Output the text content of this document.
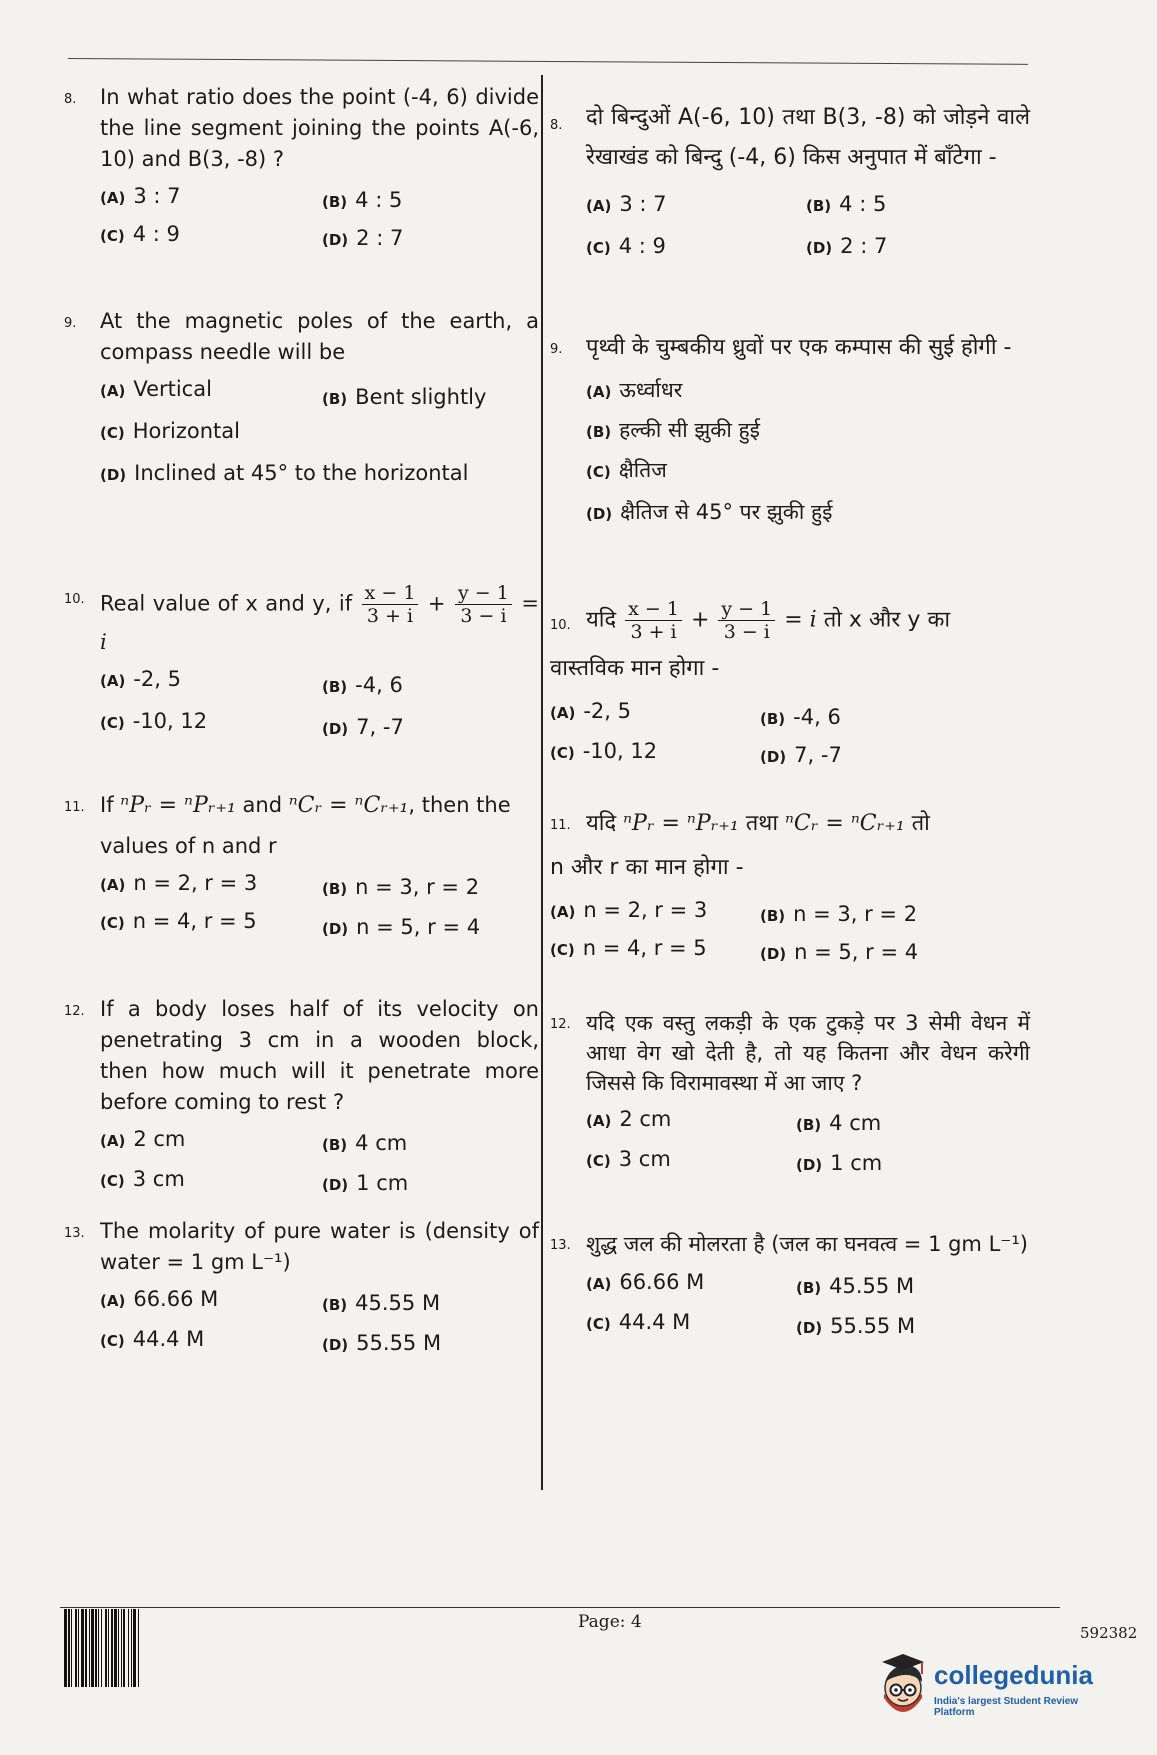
8. In what ratio does the point (-4, 6) divide the line segment joining the points A(-6, 10) and B(3, -8) ?
(A) 3 : 7	(B) 4 : 5
(C) 4 : 9	(D) 2 : 7
9. At the magnetic poles of the earth, a compass needle will be
(A) Vertical	(B) Bent slightly
(C) Horizontal
(D) Inclined at 45° to the horizontal
10. Real value of x and y, if $\frac{x - 1}{3 + i} + \frac{y - 1}{3 - i} = i$
(A) -2, 5	(B) -4, 6
(C) -10, 12	(D) 7, -7
11. If ⁿPᵣ = ⁿPᵣ₊₁ and ⁿCᵣ = ⁿCᵣ₊₁, then the
values of n and r
(A) n = 2, r = 3	(B) n = 3, r = 2
(C) n = 4, r = 5	(D) n = 5, r = 4
12. If a body loses half of its velocity on penetrating 3 cm in a wooden block, then how much will it penetrate more before coming to rest ?
(A) 2 cm	(B) 4 cm
(C) 3 cm	(D) 1 cm
13. The molarity of pure water is (density of water = 1 gm L⁻¹)
(A) 66.66 M	(B) 45.55 M
(C) 44.4 M	(D) 55.55 M
8. दो बिन्दुओं A(-6, 10) तथा B(3, -8) को जोड़ने वाले रेखाखंड को बिन्दु (-4, 6) किस अनुपात में बाँटेगा -
(A) 3 : 7	(B) 4 : 5
(C) 4 : 9	(D) 2 : 7
9. पृथ्वी के चुम्बकीय ध्रुवों पर एक कम्पास की सुई होगी -
(A) ऊर्ध्वाधर
(B) हल्की सी झुकी हुई
(C) क्षैतिज
(D) क्षैतिज से 45° पर झुकी हुई
10. यदि $\frac{x - 1}{3 + i} + \frac{y - 1}{3 - i} = i$ तो x और y का
वास्तविक मान होगा -
(A) -2, 5	(B) -4, 6
(C) -10, 12	(D) 7, -7
11. यदि ⁿPᵣ = ⁿPᵣ₊₁ तथा ⁿCᵣ = ⁿCᵣ₊₁ तो
n और r का मान होगा -
(A) n = 2, r = 3	(B) n = 3, r = 2
(C) n = 4, r = 5	(D) n = 5, r = 4
12. यदि एक वस्तु लकड़ी के एक टुकड़े पर 3 सेमी वेधन में आधा वेग खो देती है, तो यह कितना और वेधन करेगी जिससे कि विरामावस्था में आ जाए ?
(A) 2 cm	(B) 4 cm
(C) 3 cm	(D) 1 cm
13. शुद्ध जल की मोलरता है (जल का घनवत्व = 1 gm L⁻¹)
(A) 66.66 M	(B) 45.55 M
(C) 44.4 M	(D) 55.55 M
Page: 4
592382
collegedunia
India's largest Student Review Platform
